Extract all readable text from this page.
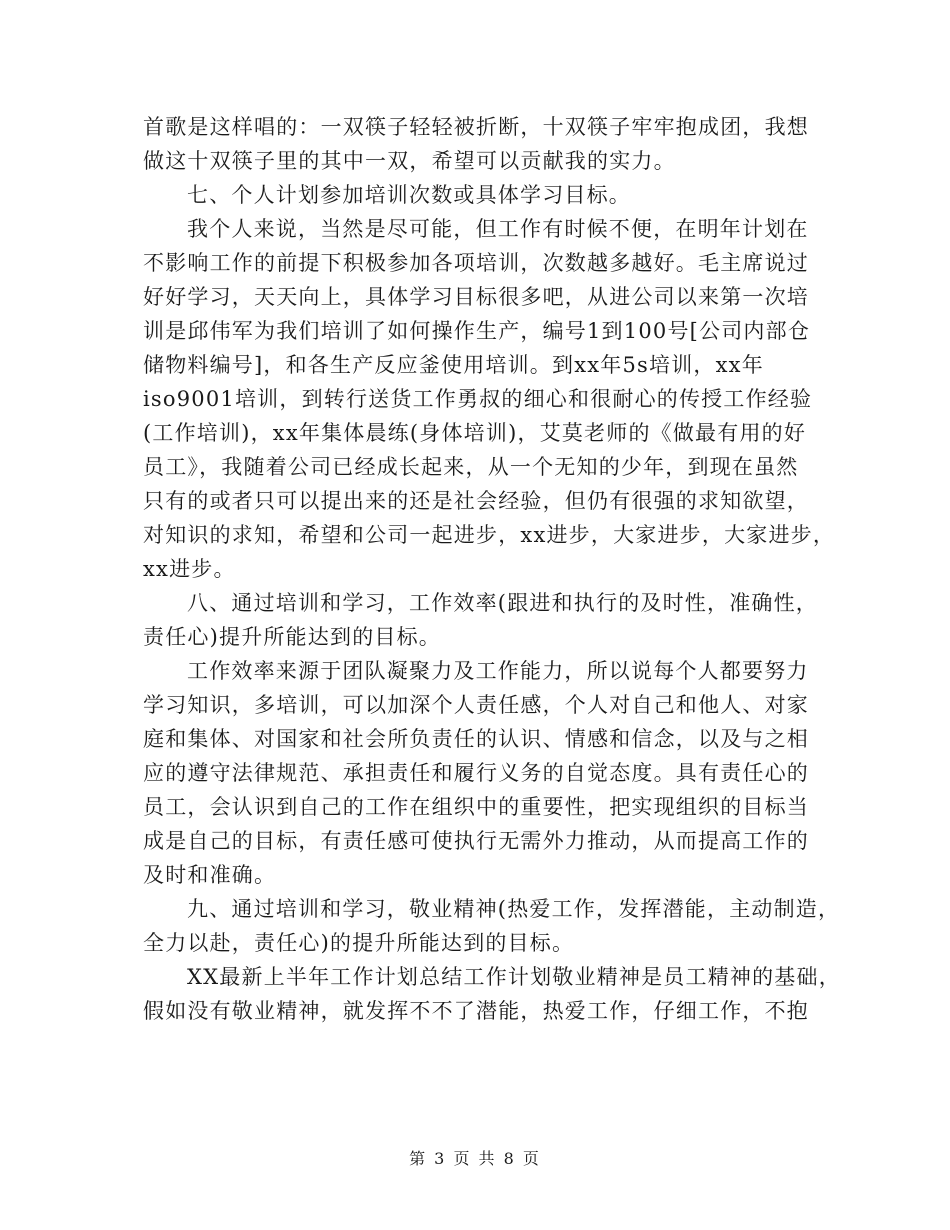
首歌是这样唱的：一双筷子轻轻被折断，十双筷子牢牢抱成团，我想
做这十双筷子里的其中一双，希望可以贡献我的实力。
七、个人计划参加培训次数或具体学习目标。
我个人来说，当然是尽可能，但工作有时候不便，在明年计划在
不影响工作的前提下积极参加各项培训，次数越多越好。毛主席说过
好好学习，天天向上，具体学习目标很多吧，从进公司以来第一次培
训是邱伟军为我们培训了如何操作生产，编号1到100号[公司内部仓
储物料编号]，和各生产反应釜使用培训。到xx年5s培训，xx年
iso9001培训，到转行送货工作勇叔的细心和很耐心的传授工作经验
(工作培训)，xx年集体晨练(身体培训)，艾莫老师的《做最有用的好
员工》，我随着公司已经成长起来，从一个无知的少年，到现在虽然
只有的或者只可以提出来的还是社会经验，但仍有很强的求知欲望，
对知识的求知，希望和公司一起进步，xx进步，大家进步，大家进步，
xx进步。
八、通过培训和学习，工作效率(跟进和执行的及时性，准确性，
责任心)提升所能达到的目标。
工作效率来源于团队凝聚力及工作能力，所以说每个人都要努力
学习知识，多培训，可以加深个人责任感，个人对自己和他人、对家
庭和集体、对国家和社会所负责任的认识、情感和信念，以及与之相
应的遵守法律规范、承担责任和履行义务的自觉态度。具有责任心的
员工，会认识到自己的工作在组织中的重要性，把实现组织的目标当
成是自己的目标，有责任感可使执行无需外力推动，从而提高工作的
及时和准确。
九、通过培训和学习，敬业精神(热爱工作，发挥潜能，主动制造，
全力以赴，责任心)的提升所能达到的目标。
XX最新上半年工作计划总结工作计划敬业精神是员工精神的基础，
假如没有敬业精神，就发挥不不了潜能，热爱工作，仔细工作，不抱
第 3 页 共 8 页
